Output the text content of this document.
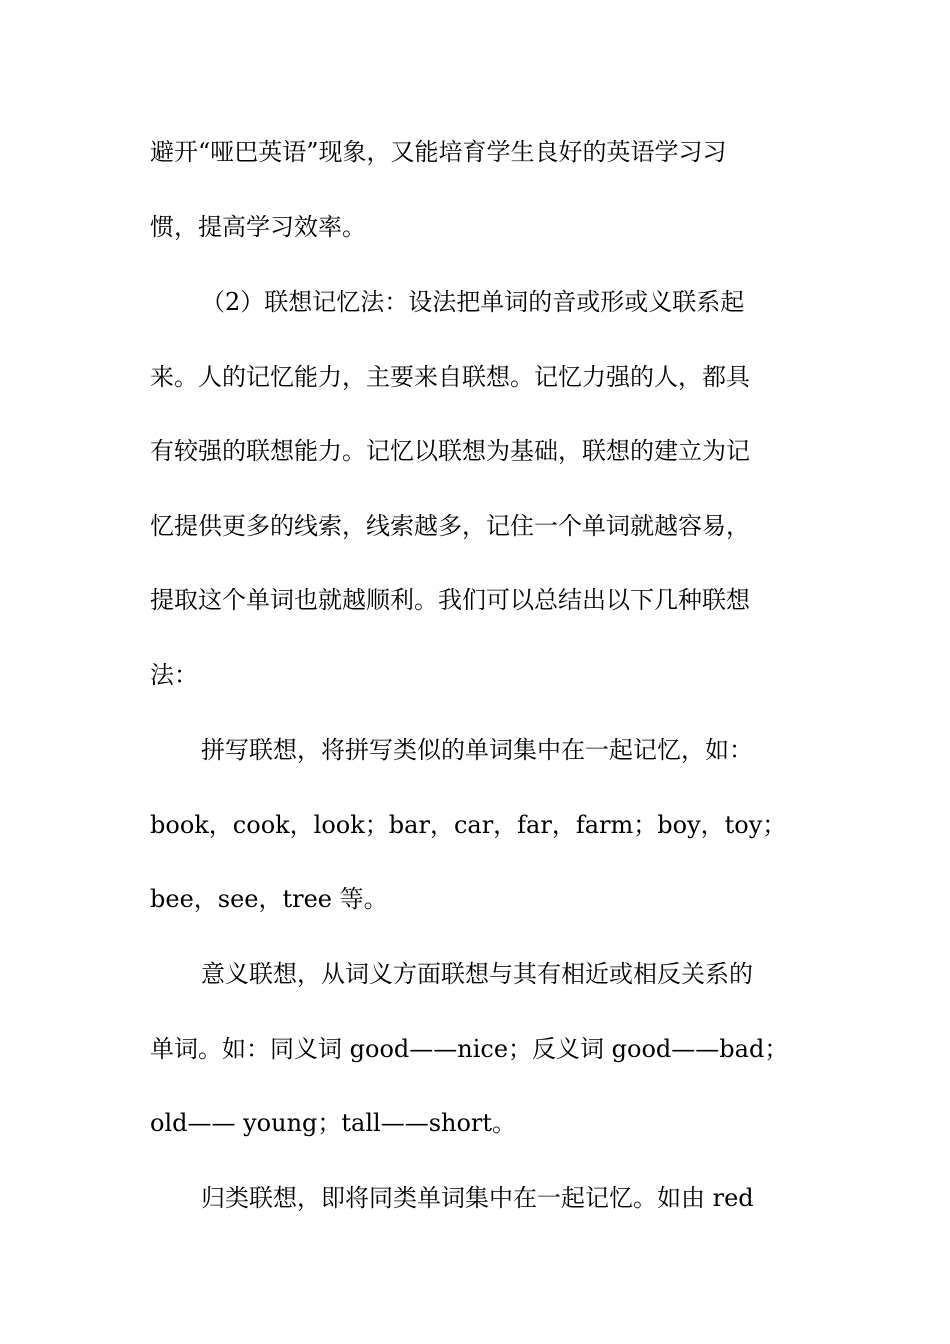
避开“哑巴英语”现象，又能培育学生良好的英语学习习
惯，提高学习效率。
（2）联想记忆法：设法把单词的音或形或义联系起
来。人的记忆能力，主要来自联想。记忆力强的人，都具
有较强的联想能力。记忆以联想为基础，联想的建立为记
忆提供更多的线索，线索越多，记住一个单词就越容易，
提取这个单词也就越顺利。我们可以总结出以下几种联想
法：
拼写联想，将拼写类似的单词集中在一起记忆，如：
book，cook，look；bar，car，far，farm；boy，toy；
bee，see，tree 等。
意义联想，从词义方面联想与其有相近或相反关系的
单词。如：同义词 good——nice；反义词 good——bad；
old—— young；tall——short。
归类联想，即将同类单词集中在一起记忆。如由 red
